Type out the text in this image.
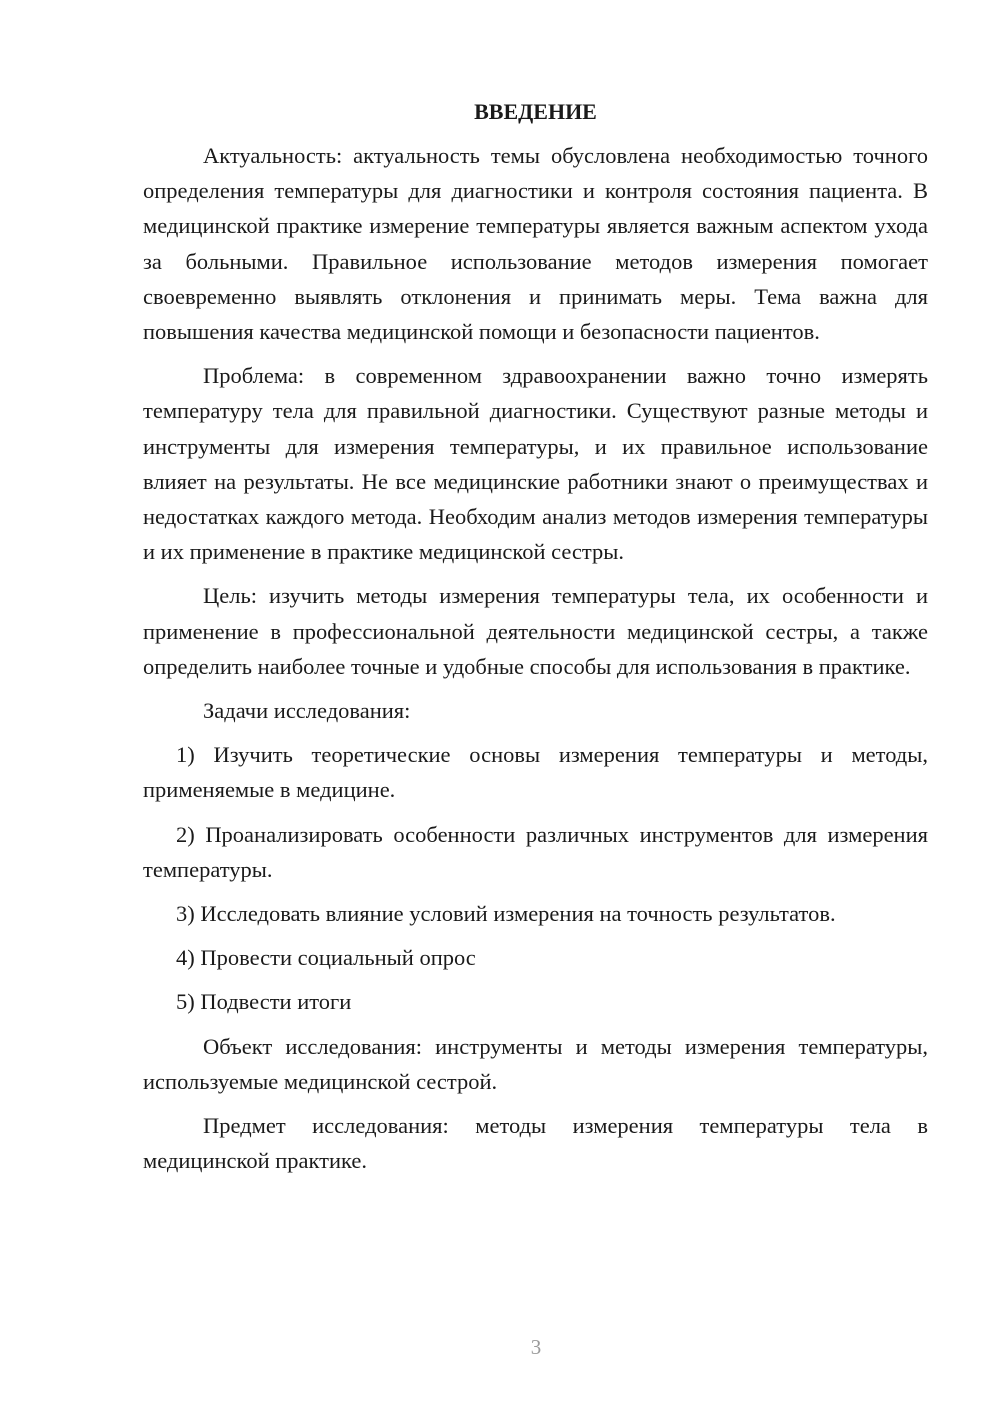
ВВЕДЕНИЕ

Актуальность: актуальность темы обусловлена необходимостью точного определения температуры для диагностики и контроля состояния пациента. В медицинской практике измерение температуры является важным аспектом ухода за больными. Правильное использование методов измерения помогает своевременно выявлять отклонения и принимать меры. Тема важна для повышения качества медицинской помощи и безопасности пациентов.

Проблема: в современном здравоохранении важно точно измерять температуру тела для правильной диагностики. Существуют разные методы и инструменты для измерения температуры, и их правильное использование влияет на результаты. Не все медицинские работники знают о преимуществах и недостатках каждого метода. Необходим анализ методов измерения температуры и их применение в практике медицинской сестры.

Цель: изучить методы измерения температуры тела, их особенности и применение в профессиональной деятельности медицинской сестры, а также определить наиболее точные и удобные способы для использования в практике.

Задачи исследования:

1) Изучить теоретические основы измерения температуры и методы, применяемые в медицине.

2) Проанализировать особенности различных инструментов для измерения температуры.

3) Исследовать влияние условий измерения на точность результатов.

4) Провести социальный опрос

5) Подвести итоги

Объект исследования: инструменты и методы измерения температуры, используемые медицинской сестрой.

Предмет исследования: методы измерения температуры тела в медицинской практике.

3
